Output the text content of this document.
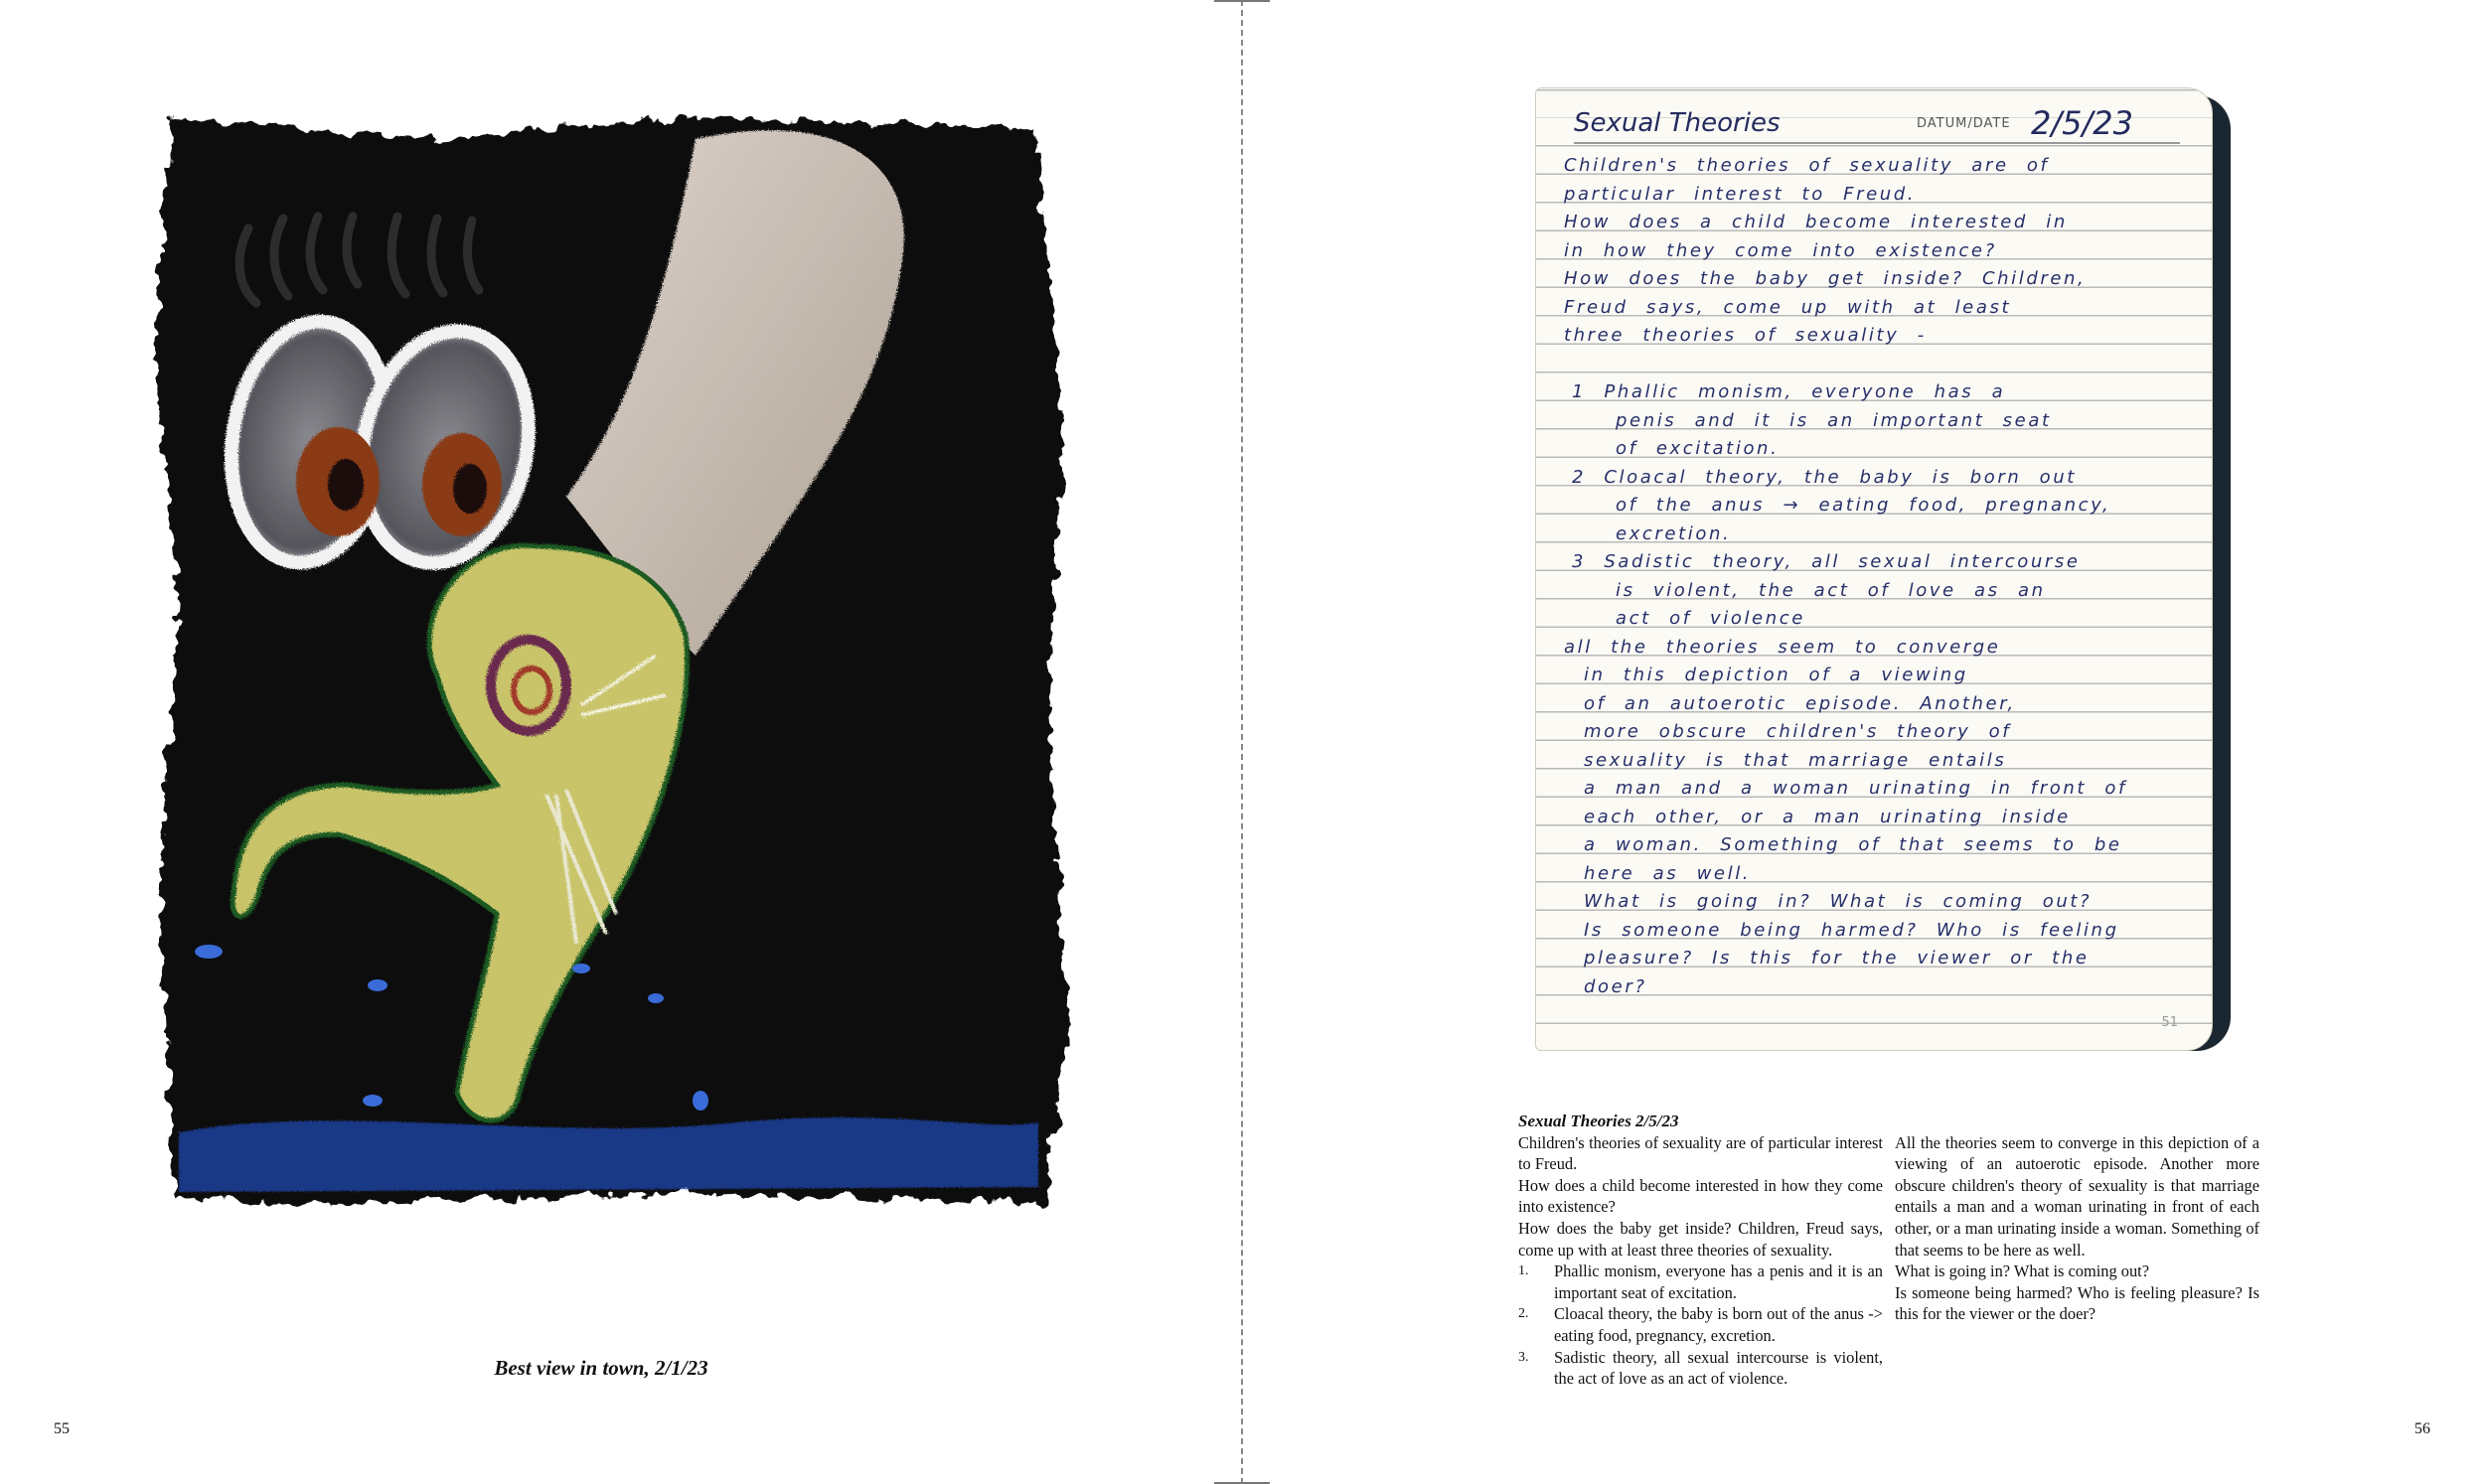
Best view in town, 2/1/23
55
Sexual Theories	DATUM/DATE 2/5/23
Children's theories of sexuality are of
particular interest to Freud.
How does a child become interested in
in how they come into existence?
How does the baby get inside? Children,
Freud says, come up with at least
three theories of sexuality -
1 Phallic monism, everyone has a
penis and it is an important seat
of excitation.
2 Cloacal theory, the baby is born out
of the anus → eating food, pregnancy,
excretion.
3 Sadistic theory, all sexual intercourse
is violent, the act of love as an
act of violence
all the theories seem to converge
in this depiction of a viewing
of an autoerotic episode. Another,
more obscure children's theory of
sexuality is that marriage entails
a man and a woman urinating in front of
each other, or a man urinating inside
a woman. Something of that seems to be
here as well.
What is going in? What is coming out?
Is someone being harmed? Who is feeling
pleasure? Is this for the viewer or the
doer?
51
Sexual Theories 2/5/23

Children's theories of sexuality are of particular interest to Freud.

How does a child become interested in how they come into existence?

How does the baby get inside? Children, Freud says, come up with at least three theories of sexuality.

1. Phallic monism, everyone has a penis and it is an important seat of excitation.
2. Cloacal theory, the baby is born out of the anus -> eating food, pregnancy, excretion.
3. Sadistic theory, all sexual intercourse is violent, the act of love as an act of violence.

All the theories seem to converge in this depiction of a viewing of an autoerotic episode. Another more obscure children's theory of sexuality is that marriage entails a man and a woman urinating in front of each other, or a man urinating inside a woman. Something of that seems to be here as well.

What is going in? What is coming out?

Is someone being harmed? Who is feeling pleasure? Is this for the viewer or the doer?

56
